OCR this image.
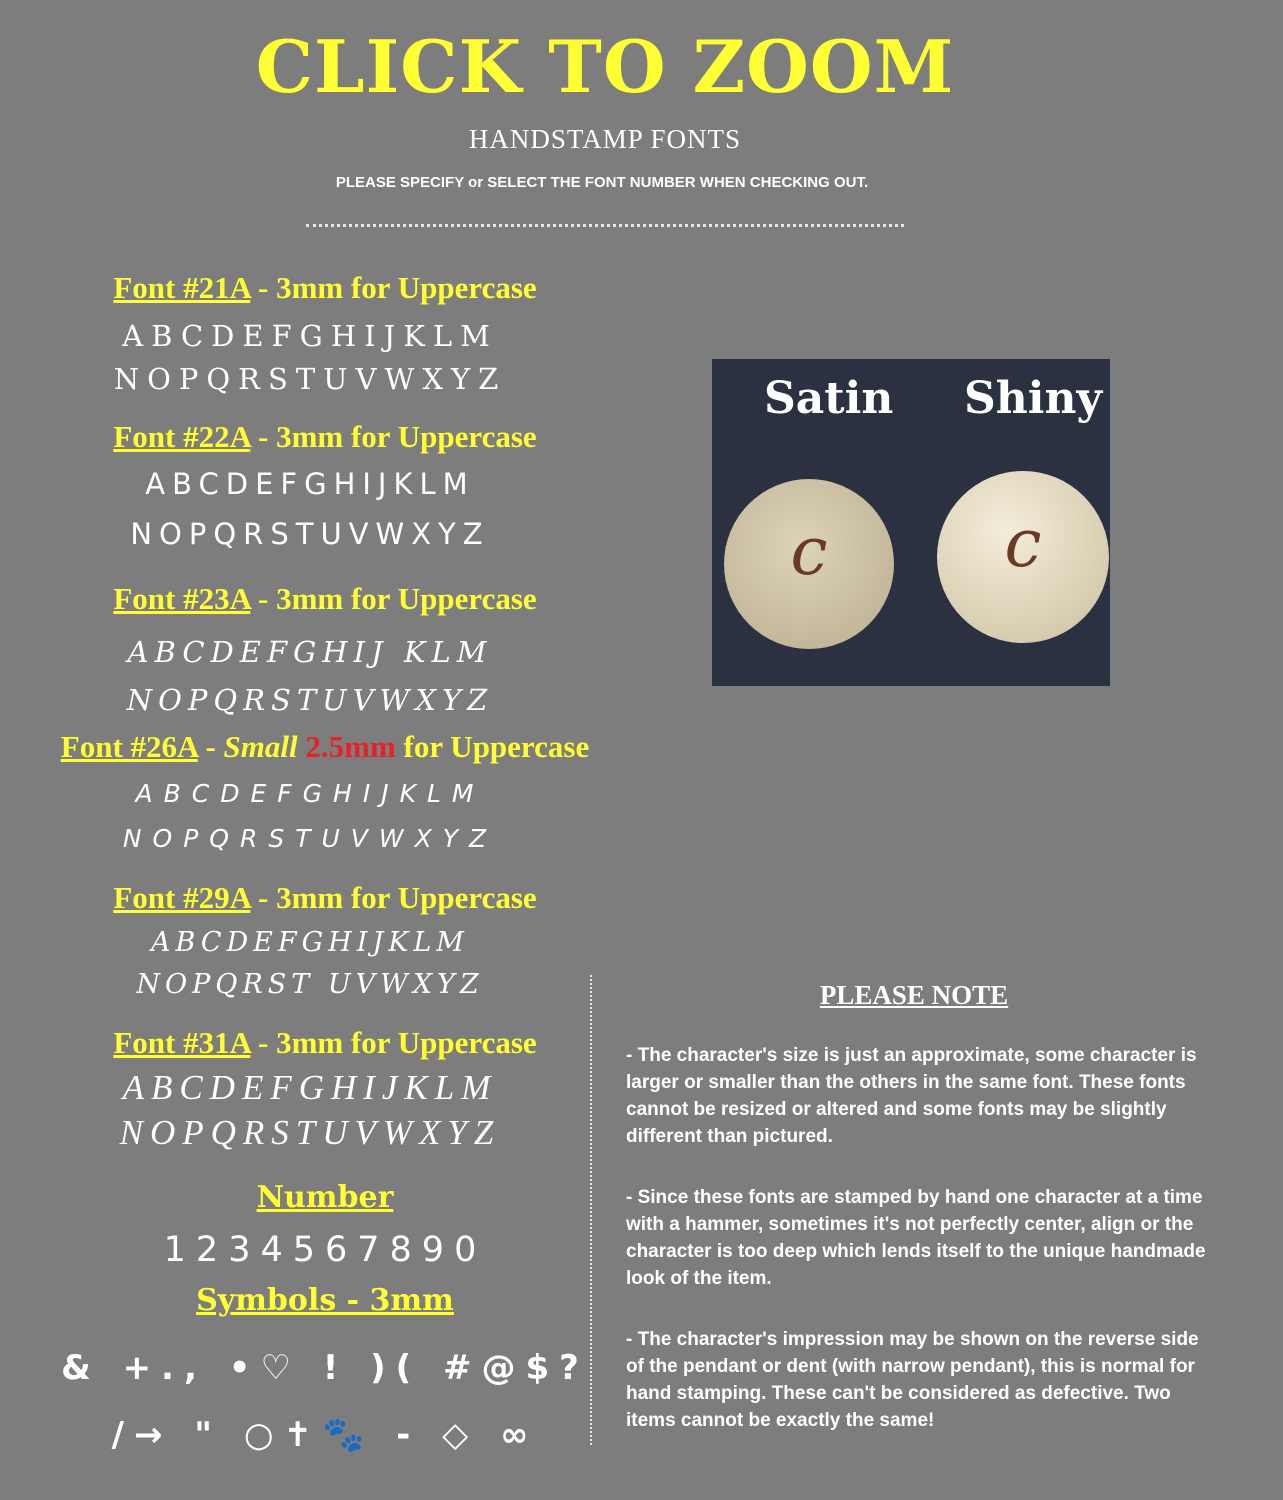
CLICK TO ZOOM
HANDSTAMP FONTS
PLEASE SPECIFY or SELECT THE FONT NUMBER WHEN CHECKING OUT.
Font #21A - 3mm for Uppercase
ABCDEFGHIJKLM
NOPQRSTUVWXYZ
Font #22A - 3mm for Uppercase
ABCDEFGHIJKLM
NOPQRSTUVWXYZ
Font #23A - 3mm for Uppercase
ABCDEFGHIJ KLM
NOPQRSTUVWXYZ
Font #26A - Small 2.5mm for Uppercase
ABCDEFGHIJKLM
NOPQRSTUVWXYZ
Font #29A - 3mm for Uppercase
ABCDEFGHIJKLM
NOPQRST UVWXYZ
Font #31A - 3mm for Uppercase
ABCDEFGHIJKLM
NOPQRSTUVWXYZ
Number
1234567890
Symbols - 3mm
& +., •♡ ! )( #@$?
/→ " ○✝🐾 - ◇ ∞
Satin Shiny
c	c
PLEASE NOTE
- The character's size is just an approximate, some character is larger or smaller than the others in the same font. These fonts cannot be resized or altered and some fonts may be slightly different than pictured.
- Since these fonts are stamped by hand one character at a time with a hammer, sometimes it's not perfectly center, align or the character is too deep which lends itself to the unique handmade look of the item.
- The character's impression may be shown on the reverse side of the pendant or dent (with narrow pendant), this is normal for hand stamping. These can't be considered as defective. Two items cannot be exactly the same!
